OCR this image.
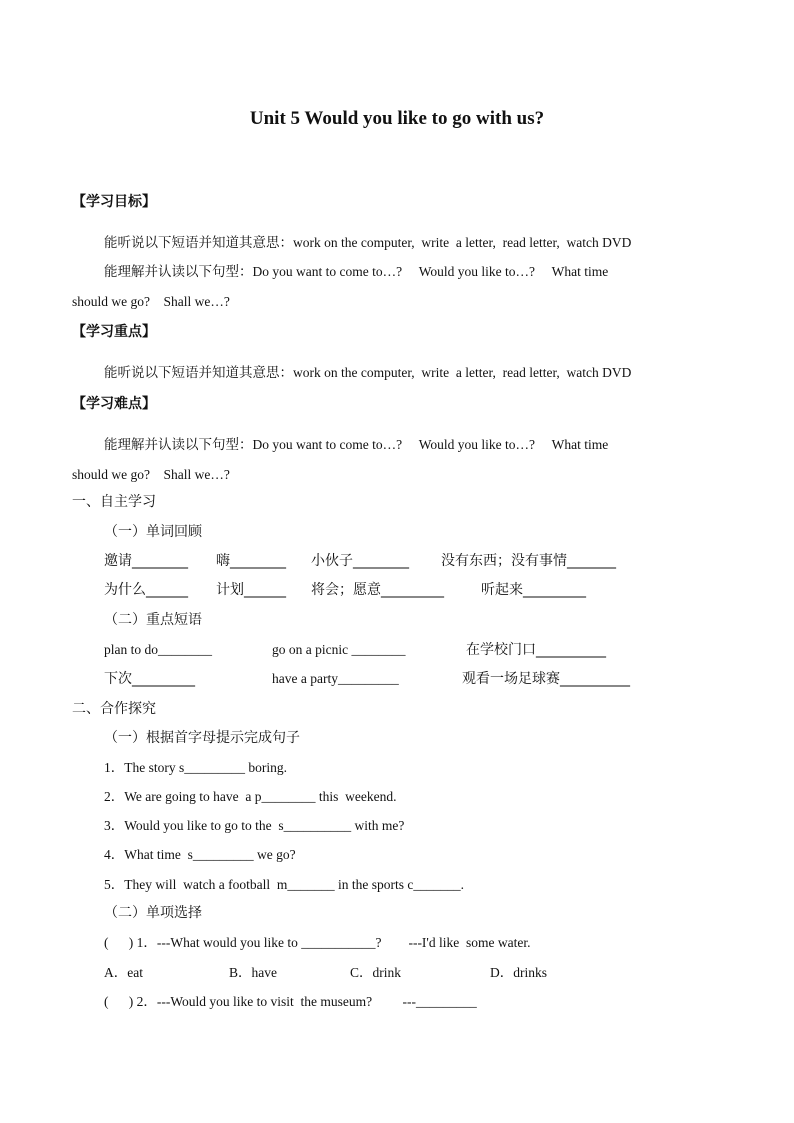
Unit 5 Would you like to go with us?
【学习目标】
能听说以下短语并知道其意思：work on the computer,  write  a letter,  read letter,  watch DVD
能理解并认读以下句型：Do you want to come to…?     Would you like to…?     What time
should we go?    Shall we…?
【学习重点】
能听说以下短语并知道其意思：work on the computer,  write  a letter,  read letter,  watch DVD
【学习难点】
能理解并认读以下句型：Do you want to come to…?     Would you like to…?     What time
should we go?    Shall we…?
一、自主学习
（一）单词回顾
邀请________ 嗨________ 小伙子________ 没有东西；没有事情_______
为什么______ 计划______ 将会；愿意_________	听起来_________
（二）重点短语
plan to do________	go on a picnic ________	在学校门口__________
下次_________	have a party_________	观看一场足球赛__________
二、合作探究
（一）根据首字母提示完成句子
1．The story s_________ boring.
2．We are going to have  a p________ this  weekend.
3．Would you like to go to the  s__________ with me?
4．What time  s_________ we go?
5．They will  watch a football  m_______ in the sports c_______.
（二）单项选择
(      ) 1．---What would you like to ___________?        ---I'd like  some water.
A．eat	B．have	C．drink	D．drinks
(      ) 2．---Would you like to visit  the museum?         ---_________
